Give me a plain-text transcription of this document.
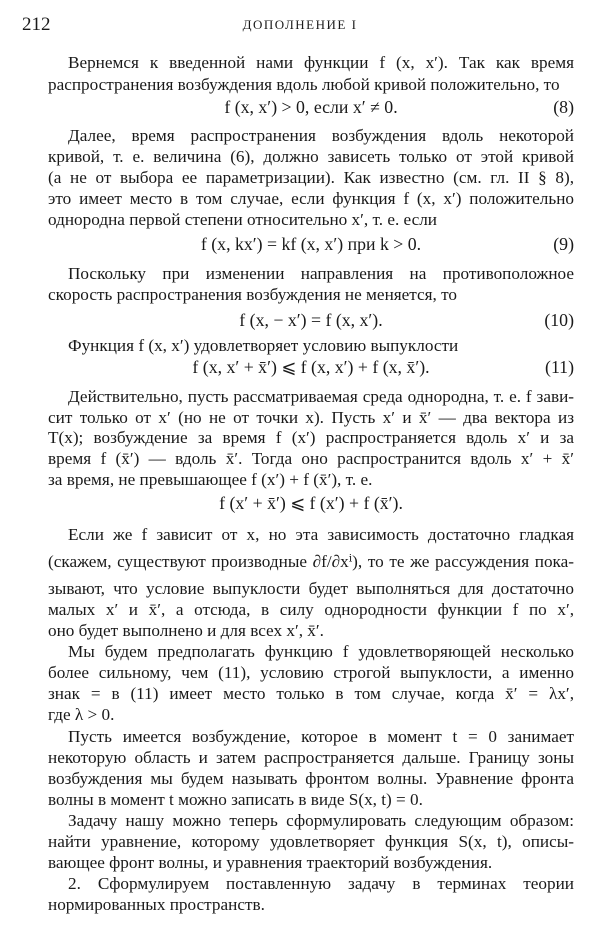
212	ДОПОЛНЕНИЕ I
Вернемся к введенной нами функции f (x, x′). Так как время
распространения возбуждения вдоль любой кривой положительно, то
f (x, x′) > 0, если x′ ≠ 0.	(8)
Далее, время распространения возбуждения вдоль некоторой
кривой, т. е. величина (6), должно зависеть только от этой кривой
(а не от выбора ее параметризации). Как известно (см. гл. II § 8),
это имеет место в том случае, если функция f (x, x′) положительно
однородна первой степени относительно x′, т. е. если
f (x, kx′) = kf (x, x′) при k > 0.	(9)
Поскольку при изменении направления на противоположное
скорость распространения возбуждения не меняется, то
f (x, − x′) = f (x, x′).	(10)
Функция f (x, x′) удовлетворяет условию выпуклости
f (x, x′ + x̄′) ⩽ f (x, x′) + f (x, x̄′).	(11)
Действительно, пусть рассматриваемая среда однородна, т. е. f зави-
сит только от x′ (но не от точки x). Пусть x′ и x̄′ — два вектора из
T(x); возбуждение за время f (x′) распространяется вдоль x′ и за
время f (x̄′) — вдоль x̄′. Тогда оно распространится вдоль x′ + x̄′
за время, не превышающее f (x′) + f (x̄′), т. е.
f (x′ + x̄′) ⩽ f (x′) + f (x̄′).
Если же f зависит от x, но эта зависимость достаточно гладкая
(скажем, существуют производные ∂f/∂xⁱ), то те же рассуждения пока-
зывают, что условие выпуклости будет выполняться для достаточно
малых x′ и x̄′, а отсюда, в силу однородности функции f по x′,
оно будет выполнено и для всех x′, x̄′.
Мы будем предполагать функцию f удовлетворяющей несколько
более сильному, чем (11), условию строгой выпуклости, а именно
знак = в (11) имеет место только в том случае, когда x̄′ = λx′,
где λ > 0.
Пусть имеется возбуждение, которое в момент t = 0 занимает
некоторую область и затем распространяется дальше. Границу зоны
возбуждения мы будем называть фронтом волны. Уравнение фронта
волны в момент t можно записать в виде S(x, t) = 0.
Задачу нашу можно теперь сформулировать следующим образом:
найти уравнение, которому удовлетворяет функция S(x, t), описы-
вающее фронт волны, и уравнения траекторий возбуждения.
2. Сформулируем поставленную задачу в терминах теории
нормированных пространств.
